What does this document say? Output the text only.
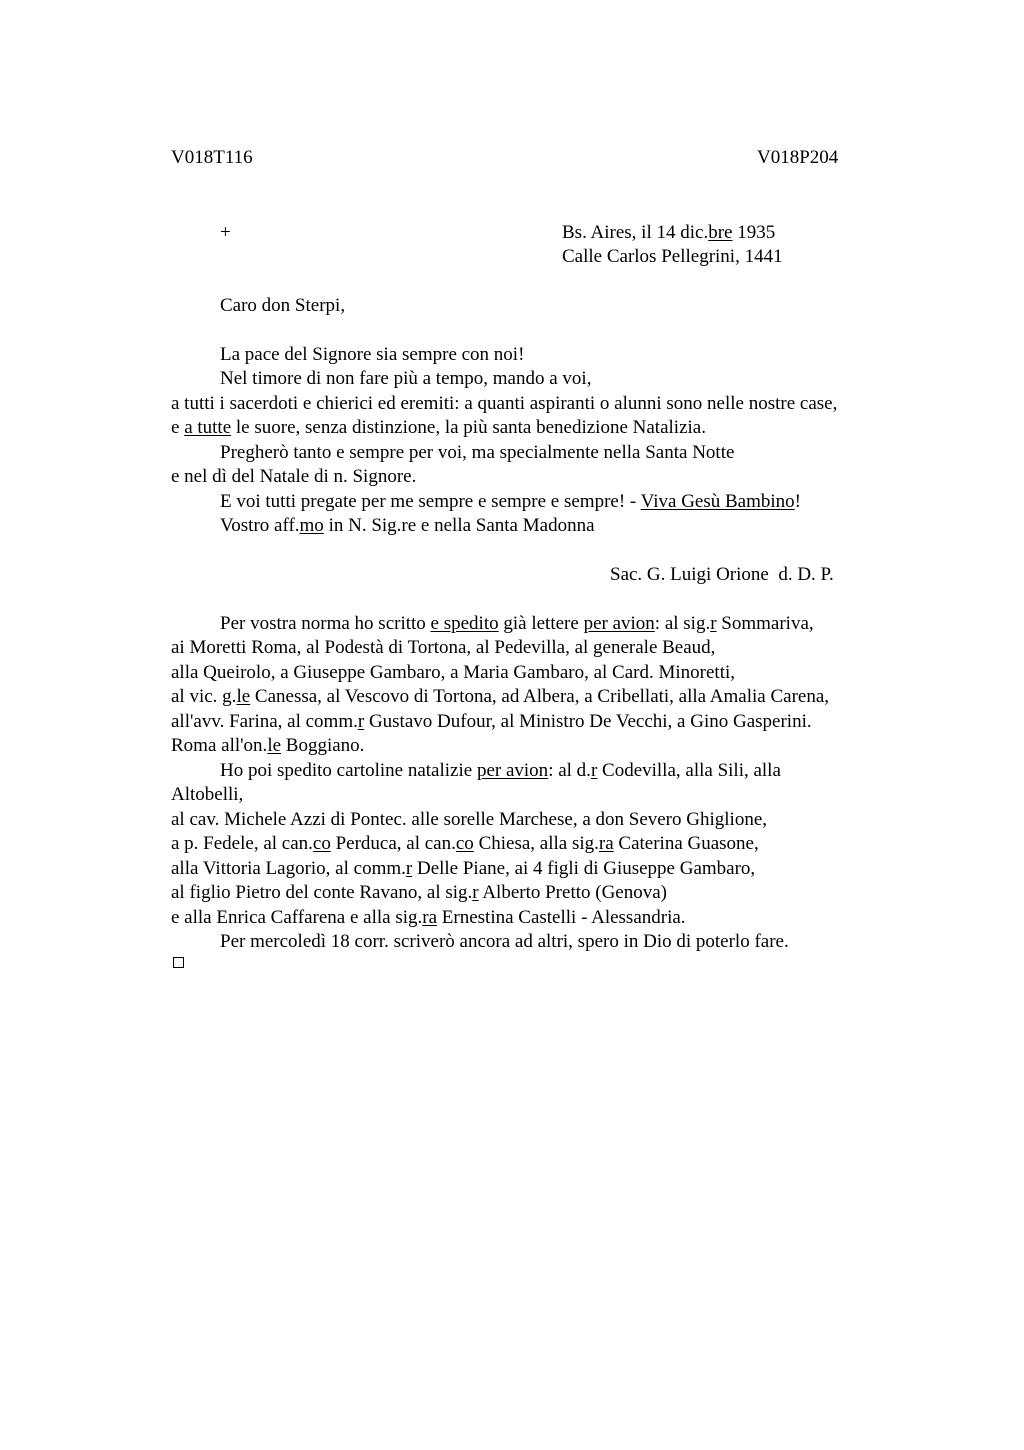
V018T116	V018P204
+	Bs. Aires, il 14 dic.bre 1935
Calle Carlos Pellegrini, 1441
Caro don Sterpi,
La pace del Signore sia sempre con noi!
Nel timore di non fare più a tempo, mando a voi,
a tutti i sacerdoti e chierici ed eremiti: a quanti aspiranti o alunni sono nelle nostre case,
e a tutte le suore, senza distinzione, la più santa benedizione Natalizia.
Pregherò tanto e sempre per voi, ma specialmente nella Santa Notte
e nel dì del Natale di n. Signore.
E voi tutti pregate per me sempre e sempre e sempre! - Viva Gesù Bambino!
Vostro aff.mo in N. Sig.re e nella Santa Madonna
Sac. G. Luigi Orione  d. D. P.
Per vostra norma ho scritto e spedito già lettere per avion: al sig.r Sommariva,
ai Moretti Roma, al Podestà di Tortona, al Pedevilla, al generale Beaud,
alla Queirolo, a Giuseppe Gambaro, a Maria Gambaro, al Card. Minoretti,
al vic. g.le Canessa, al Vescovo di Tortona, ad Albera, a Cribellati, alla Amalia Carena,
all'avv. Farina, al comm.r Gustavo Dufour, al Ministro De Vecchi, a Gino Gasperini.
Roma all'on.le Boggiano.
Ho poi spedito cartoline natalizie per avion: al d.r Codevilla, alla Sili, alla
Altobelli,
al cav. Michele Azzi di Pontec. alle sorelle Marchese, a don Severo Ghiglione,
a p. Fedele, al can.co Perduca, al can.co Chiesa, alla sig.ra Caterina Guasone,
alla Vittoria Lagorio, al comm.r Delle Piane, ai 4 figli di Giuseppe Gambaro,
al figlio Pietro del conte Ravano, al sig.r Alberto Pretto (Genova)
e alla Enrica Caffarena e alla sig.ra Ernestina Castelli - Alessandria.
Per mercoledì 18 corr. scriverò ancora ad altri, spero in Dio di poterlo fare.
